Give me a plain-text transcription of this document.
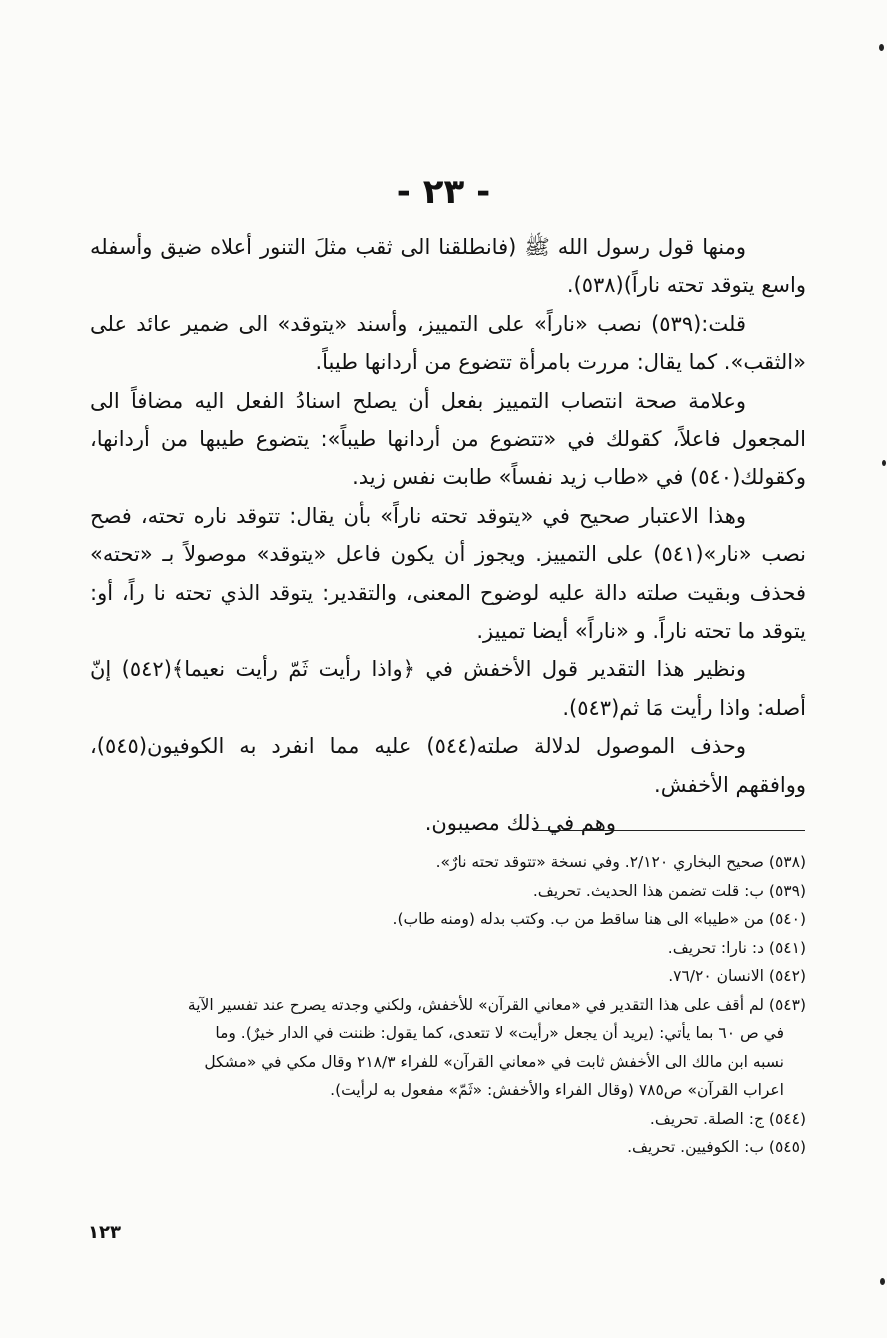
- ٢٣ -

ومنها قول رسول الله ﷺ (فانطلقنا الى ثقب مثلَ التنور أعلاه ضيق وأسفله واسع يتوقد تحته ناراً)(٥٣٨).

قلت:(٥٣٩) نصب «ناراً» على التمييز، وأسند «يتوقد» الى ضمير عائد على «الثقب». كما يقال: مررت بامرأة تتضوع من أردانها طيباً.

وعلامة صحة انتصاب التمييز بفعل أن يصلح اسنادُ الفعل اليه مضافاً الى المجعول فاعلاً، كقولك في «تتضوع من أردانها طيباً»: يتضوع طيبها من أردانها، وكقولك(٥٤٠) في «طاب زيد نفساً» طابت نفس زيد.

وهذا الاعتبار صحيح في «يتوقد تحته ناراً» بأن يقال: تتوقد ناره تحته، فصح نصب «نار»(٥٤١) على التمييز. ويجوز أن يكون فاعل «يتوقد» موصولاً بـ «تحته» فحذف وبقيت صلته دالة عليه لوضوح المعنى، والتقدير: يتوقد الذي تحته نا راً، أو: يتوقد ما تحته ناراً. و «ناراً» أيضا تمييز.

ونظير هذا التقدير قول الأخفش في ﴿واذا رأيت ثَمّ رأيت نعيما﴾(٥٤٢) إنّ أصله: واذا رأيت مَا ثم(٥٤٣).

وحذف الموصول لدلالة صلته(٥٤٤) عليه مما انفرد به الكوفيون(٥٤٥)، ووافقهم الأخفش.

وهم في ذلك مصيبون.

(٥٣٨) صحيح البخاري ٢/١٢٠. وفي نسخة «تتوقد تحته نارٌ».

(٥٣٩) ب: قلت تضمن هذا الحديث. تحريف.

(٥٤٠) من «طيبا» الى هنا ساقط من ب. وكتب بدله (ومنه طاب).

(٥٤١) د: نارا: تحريف.

(٥٤٢) الانسان ٧٦/٢٠.

(٥٤٣) لم أقف على هذا التقدير في «معاني القرآن» للأخفش، ولكني وجدته يصرح عند تفسير الآية

في ص ٦٠ بما يأتي: (يريد أن يجعل «رأيت» لا تتعدى، كما يقول: ظننت في الدار خيرٌ). وما

نسبه ابن مالك الى الأخفش ثابت في «معاني القرآن» للفراء ٢١٨/٣ وقال مكي في «مشكل

اعراب القرآن» ص٧٨٥ (وقال الفراء والأخفش: «ثَمّ» مفعول به لرأيت).

(٥٤٤) ج: الصلة. تحريف.

(٥٤٥) ب: الكوفيين. تحريف.

١٢٣
